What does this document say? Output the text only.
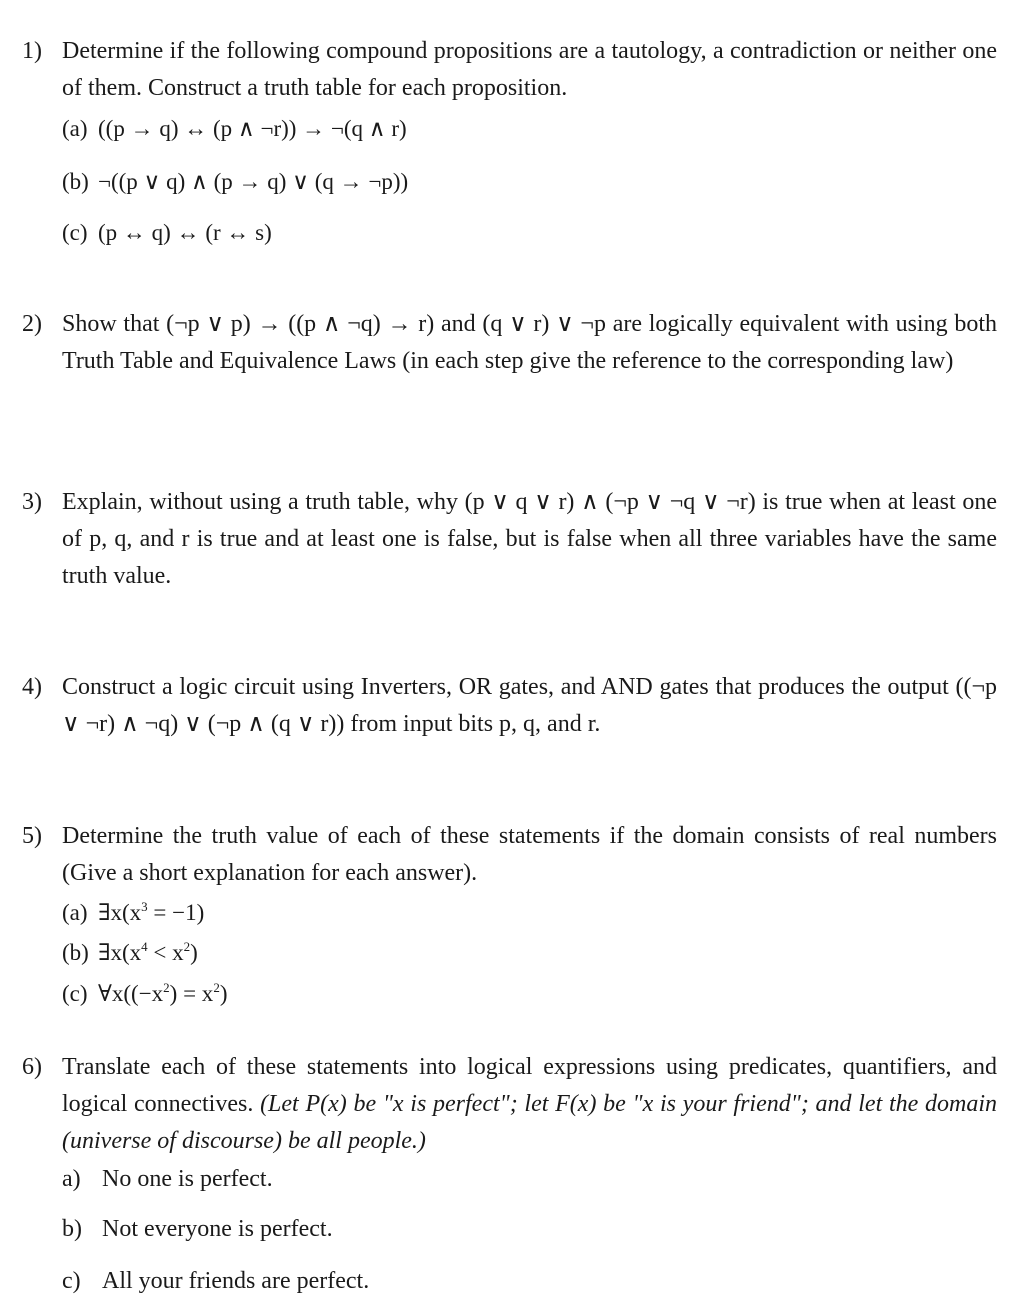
1) Determine if the following compound propositions are a tautology, a contradiction or neither one of them. Construct a truth table for each proposition.
(a) ((p → q) ↔ (p ∧ ¬r)) → ¬(q ∧ r)
(b) ¬((p ∨ q) ∧ (p → q) ∨ (q → ¬p))
(c) (p ↔ q) ↔ (r ↔ s)
2) Show that (¬p ∨ p) → ((p ∧ ¬q) → r) and (q ∨ r) ∨ ¬p are logically equivalent with using both Truth Table and Equivalence Laws (in each step give the reference to the corresponding law)
3) Explain, without using a truth table, why (p ∨ q ∨ r) ∧ (¬p ∨ ¬q ∨ ¬r) is true when at least one of p, q, and r is true and at least one is false, but is false when all three variables have the same truth value.
4) Construct a logic circuit using Inverters, OR gates, and AND gates that produces the output ((¬p ∨ ¬r) ∧ ¬q) ∨ (¬p ∧ (q ∨ r)) from input bits p, q, and r.
5) Determine the truth value of each of these statements if the domain consists of real numbers (Give a short explanation for each answer).
(a) $\exists x(x^3 = -1)$
(b) $\exists x(x^4 < x^2)$
(c) $\forall x((-x^2) = x^2)$
6) Translate each of these statements into logical expressions using predicates, quantifiers, and logical connectives. (Let P(x) be "x is perfect"; let F(x) be "x is your friend"; and let the domain (universe of discourse) be all people.)
a) No one is perfect.
b) Not everyone is perfect.
c) All your friends are perfect.
